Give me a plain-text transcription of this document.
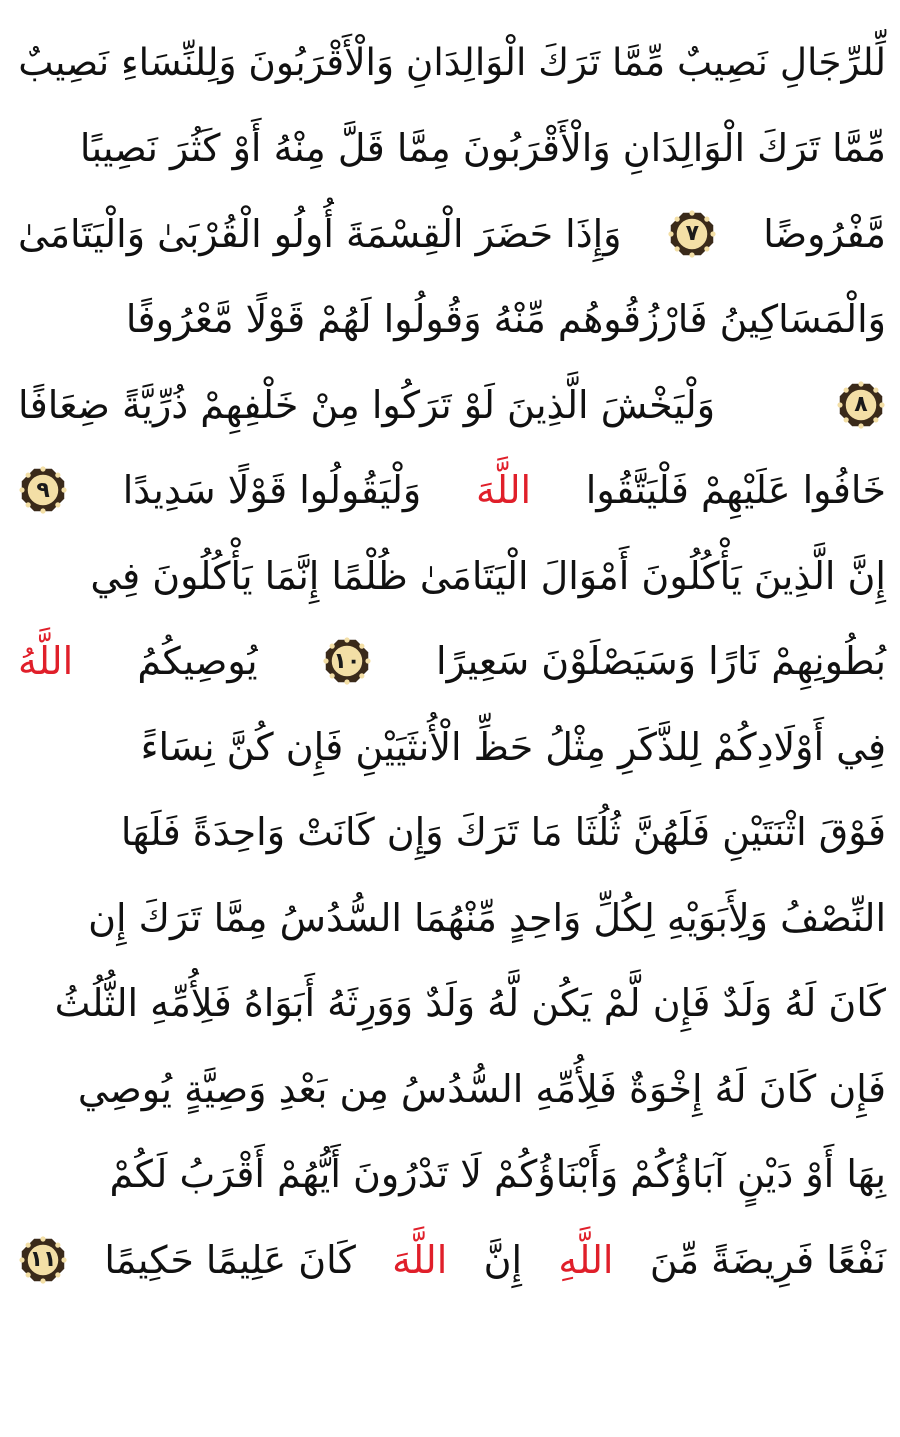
لِّلرِّجَالِ نَصِيبٌ مِّمَّا تَرَكَ الْوَالِدَانِ وَالْأَقْرَبُونَ وَلِلنِّسَاءِ نَصِيبٌ
مِّمَّا تَرَكَ الْوَالِدَانِ وَالْأَقْرَبُونَ مِمَّا قَلَّ مِنْهُ أَوْ كَثُرَ نَصِيبًا
مَّفْرُوضًا
٧
وَإِذَا حَضَرَ الْقِسْمَةَ أُولُو الْقُرْبَىٰ وَالْيَتَامَىٰ
وَالْمَسَاكِينُ فَارْزُقُوهُم مِّنْهُ وَقُولُوا لَهُمْ قَوْلًا مَّعْرُوفًا
٨
وَلْيَخْشَ الَّذِينَ لَوْ تَرَكُوا مِنْ خَلْفِهِمْ ذُرِّيَّةً ضِعَافًا
خَافُوا عَلَيْهِمْ فَلْيَتَّقُوا
اللَّهَ
وَلْيَقُولُوا قَوْلًا سَدِيدًا
٩
إِنَّ الَّذِينَ يَأْكُلُونَ أَمْوَالَ الْيَتَامَىٰ ظُلْمًا إِنَّمَا يَأْكُلُونَ فِي
بُطُونِهِمْ نَارًا وَسَيَصْلَوْنَ سَعِيرًا
١٠
يُوصِيكُمُ
اللَّهُ
فِي أَوْلَادِكُمْ لِلذَّكَرِ مِثْلُ حَظِّ الْأُنثَيَيْنِ فَإِن كُنَّ نِسَاءً
فَوْقَ اثْنَتَيْنِ فَلَهُنَّ ثُلُثَا مَا تَرَكَ وَإِن كَانَتْ وَاحِدَةً فَلَهَا
النِّصْفُ وَلِأَبَوَيْهِ لِكُلِّ وَاحِدٍ مِّنْهُمَا السُّدُسُ مِمَّا تَرَكَ إِن
كَانَ لَهُ وَلَدٌ فَإِن لَّمْ يَكُن لَّهُ وَلَدٌ وَوَرِثَهُ أَبَوَاهُ فَلِأُمِّهِ الثُّلُثُ
فَإِن كَانَ لَهُ إِخْوَةٌ فَلِأُمِّهِ السُّدُسُ مِن بَعْدِ وَصِيَّةٍ يُوصِي
بِهَا أَوْ دَيْنٍ آبَاؤُكُمْ وَأَبْنَاؤُكُمْ لَا تَدْرُونَ أَيُّهُمْ أَقْرَبُ لَكُمْ
نَفْعًا فَرِيضَةً مِّنَ
اللَّهِ
إِنَّ
اللَّهَ
كَانَ عَلِيمًا حَكِيمًا
١١
